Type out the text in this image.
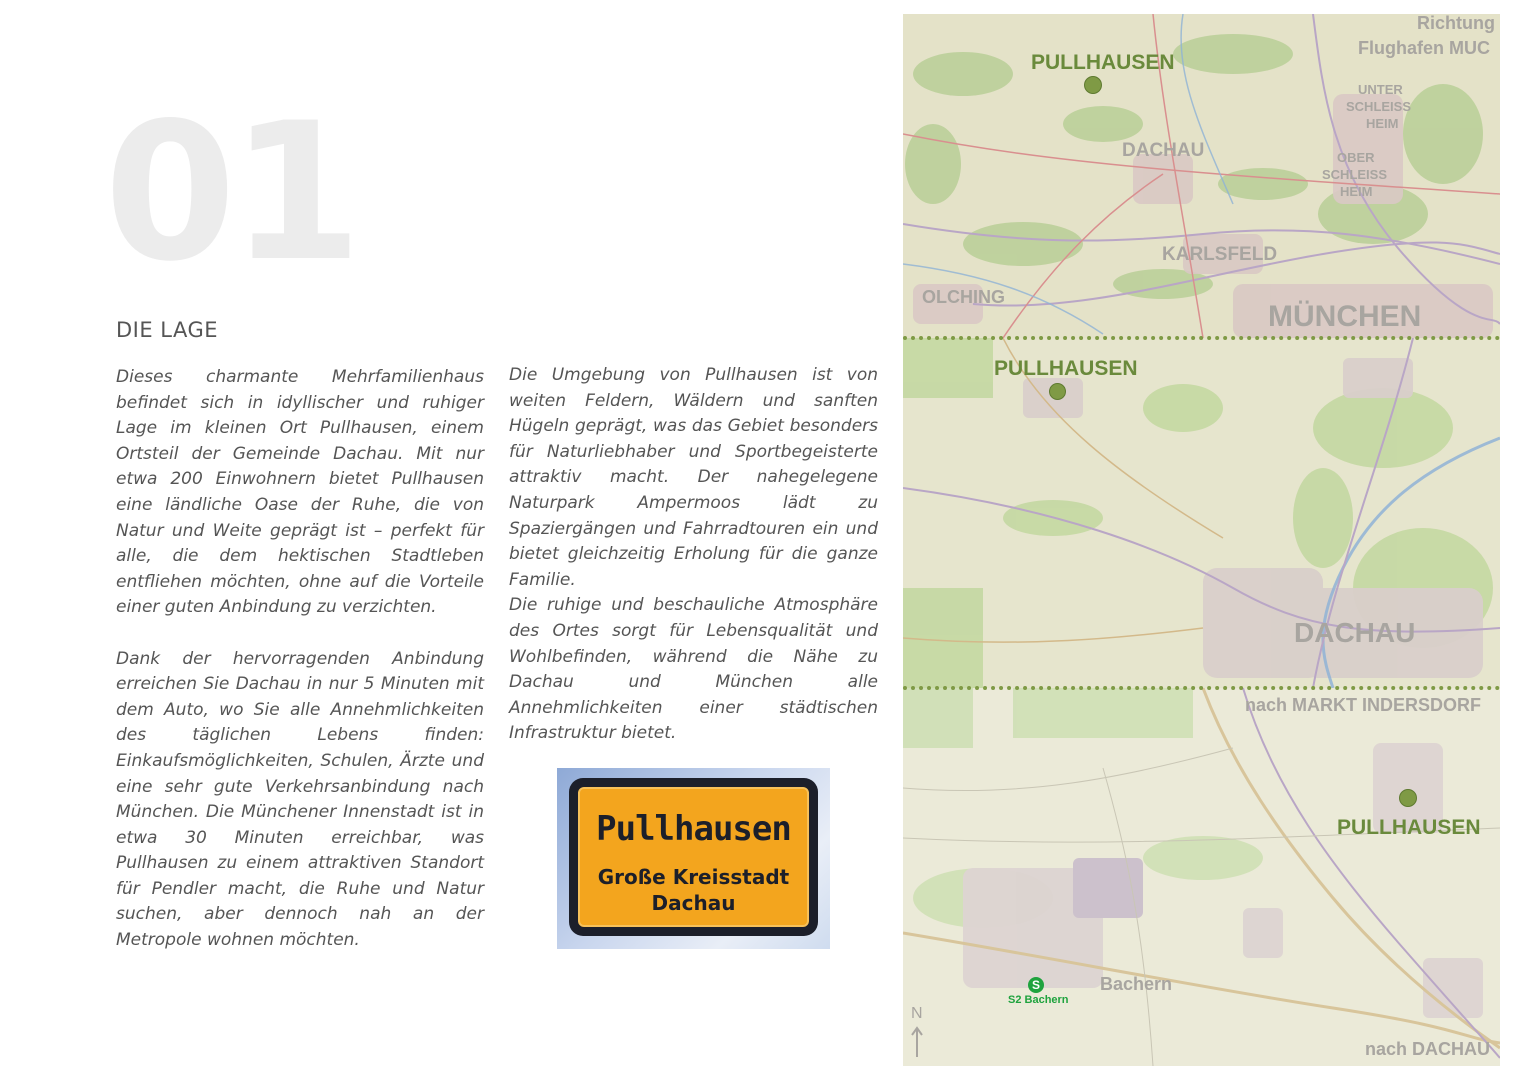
01
DIE LAGE

Dieses charmante Mehrfamilienhaus befindet sich in idyllischer und ruhiger Lage im kleinen Ort Pullhausen, einem Ortsteil der Gemeinde Dachau. Mit nur etwa 200 Einwohnern bietet Pullhausen eine ländliche Oase der Ruhe, die von Natur und Weite geprägt ist – perfekt für alle, die dem hektischen Stadtleben entfliehen möchten, ohne auf die Vorteile einer guten Anbindung zu verzichten.

Dank der hervorragenden Anbindung erreichen Sie Dachau in nur 5 Minuten mit dem Auto, wo Sie alle Annehmlichkeiten des täglichen Lebens finden: Einkaufsmöglichkeiten, Schulen, Ärzte und eine sehr gute Verkehrsanbindung nach München. Die Münchener Innenstadt ist in etwa 30 Minuten erreichbar, was Pullhausen zu einem attraktiven Standort für Pendler macht, die Ruhe und Natur suchen, aber dennoch nah an der Metropole wohnen möchten.

Die Umgebung von Pullhausen ist von weiten Feldern, Wäldern und sanften Hügeln geprägt, was das Gebiet besonders für Naturliebhaber und Sportbegeisterte attraktiv macht. Der nahegelegene Naturpark Ampermoos lädt zu Spaziergängen und Fahrradtouren ein und bietet gleichzeitig Erholung für die ganze Familie.

Die ruhige und beschauliche Atmosphäre des Ortes sorgt für Lebensqualität und Wohlbefinden, während die Nähe zu Dachau und München alle Annehmlichkeiten einer städtischen Infrastruktur bietet.

Pullhausen
Große Kreisstadt
Dachau
Richtung
Flughafen MUC
PULLHAUSEN
UNTER
SCHLEISS
HEIM
DACHAU	OBER
SCHLEISS
HEIM
KARLSFELD
OLCHING
MÜNCHEN
PULLHAUSEN
DACHAU
nach MARKT INDERSDORF
PULLHAUSEN
Bachern
S
S2 Bachern
N
nach DACHAU
